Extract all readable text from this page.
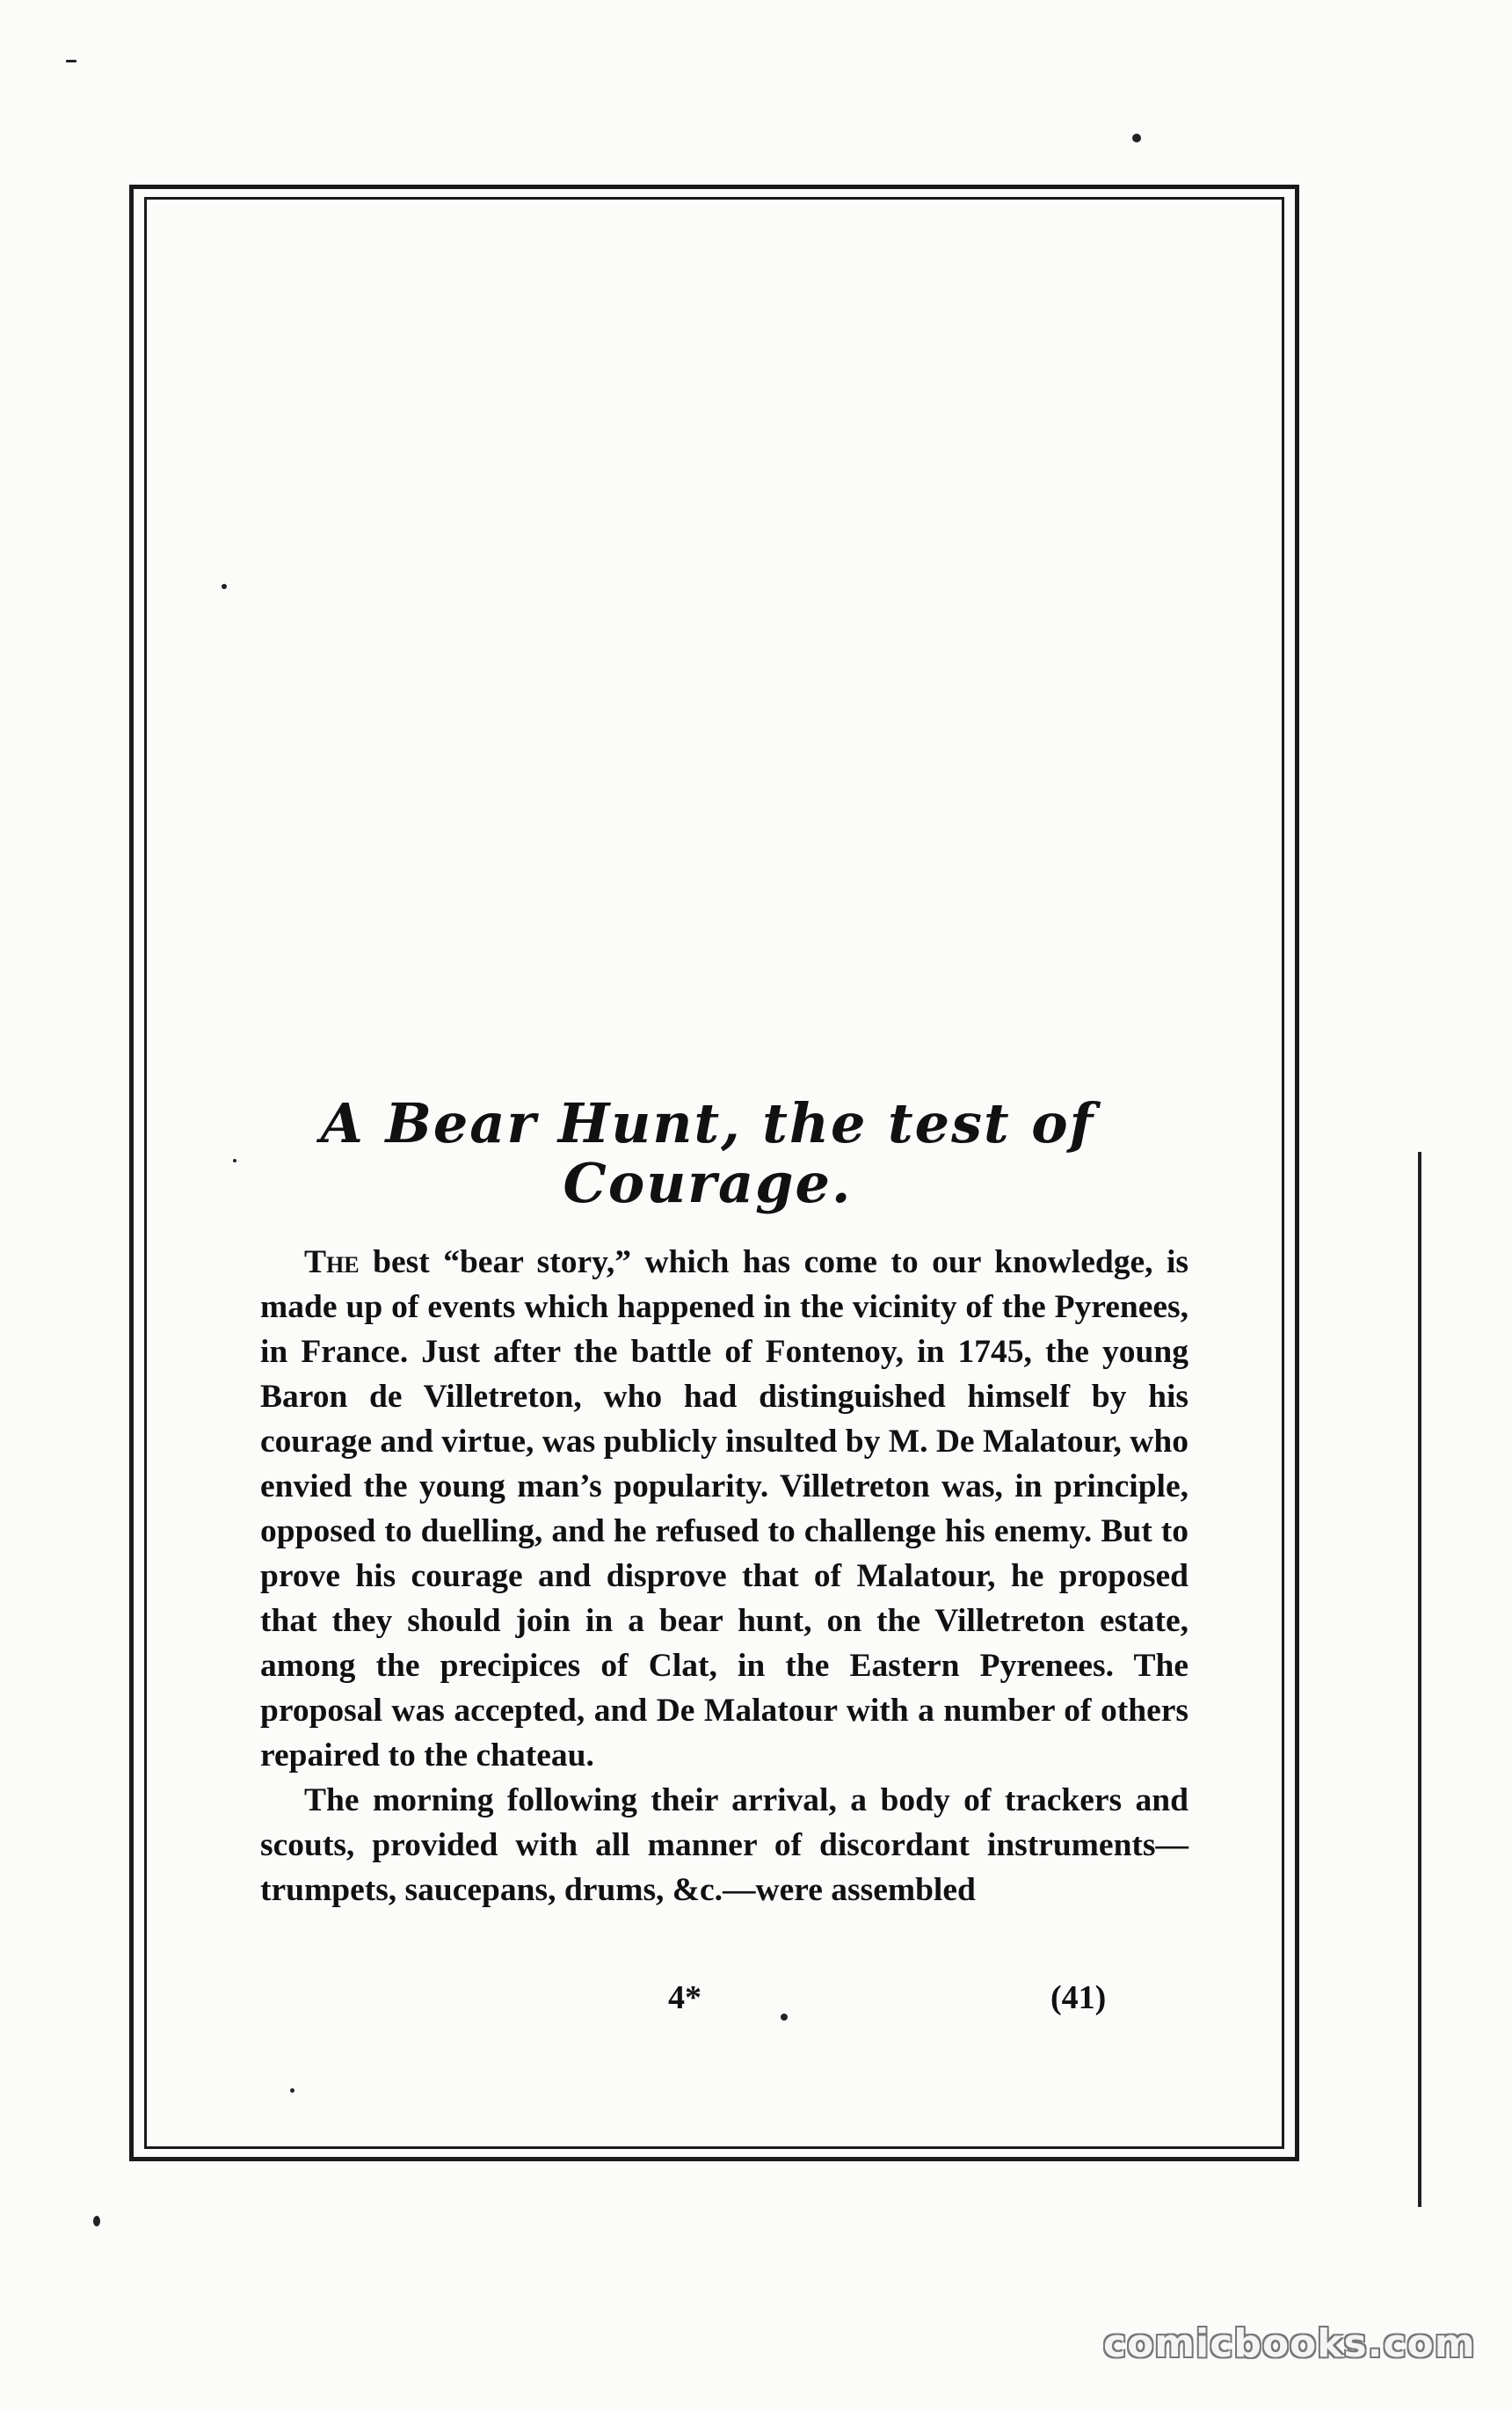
A Bear Hunt, the test of Courage.

The best “bear story,” which has come to our knowledge, is made up of events which happened in the vicinity of the Pyrenees, in France. Just after the battle of Fontenoy, in 1745, the young Baron de Villetreton, who had distinguished himself by his courage and virtue, was publicly insulted by M. De Malatour, who envied the young man’s popularity. Villetreton was, in principle, opposed to duelling, and he refused to challenge his enemy. But to prove his courage and disprove that of Malatour, he proposed that they should join in a bear hunt, on the Villetreton estate, among the precipices of Clat, in the Eastern Pyrenees. The proposal was accepted, and De Malatour with a number of others repaired to the chateau.

The morning following their arrival, a body of trackers and scouts, provided with all manner of discordant instruments—trumpets, saucepans, drums, &c.—were assembled

4*	(41)
comicbooks.com
